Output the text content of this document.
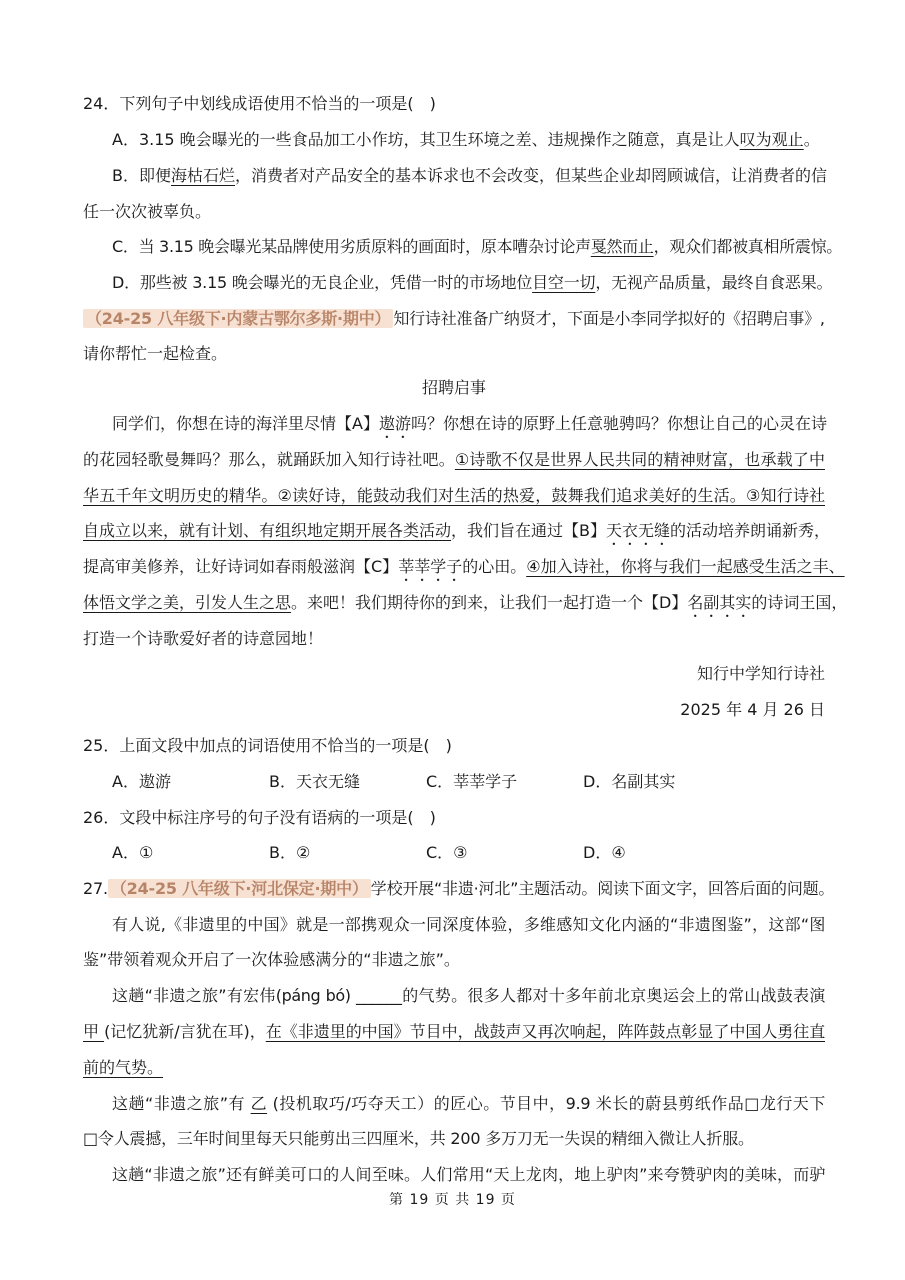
24．下列句子中划线成语使用不恰当的一项是(　)

A．3.15 晚会曝光的一些食品加工小作坊，其卫生环境之差、违规操作之随意，真是让人叹为观止。

B．即便海枯石烂，消费者对产品安全的基本诉求也不会改变，但某些企业却罔顾诚信，让消费者的信

任一次次被辜负。

C．当 3.15 晚会曝光某品牌使用劣质原料的画面时，原本嘈杂讨论声戛然而止，观众们都被真相所震惊。

D．那些被 3.15 晚会曝光的无良企业，凭借一时的市场地位目空一切，无视产品质量，最终自食恶果。

（24-25 八年级下·内蒙古鄂尔多斯·期中） 知行诗社准备广纳贤才，下面是小李同学拟好的《招聘启事》,

请你帮忙一起检查。

招聘启事

同学们，你想在诗的海洋里尽情【A】遨游吗？你想在诗的原野上任意驰骋吗？你想让自己的心灵在诗

的花园轻歌曼舞吗？那么，就踊跃加入知行诗社吧。①诗歌不仅是世界人民共同的精神财富，也承载了中

华五千年文明历史的精华。②读好诗，能鼓动我们对生活的热爱，鼓舞我们追求美好的生活。③知行诗社

自成立以来，就有计划、有组织地定期开展各类活动，我们旨在通过【B】天衣无缝的活动培养朗诵新秀，

提高审美修养，让好诗词如春雨般滋润【C】莘莘学子的心田。④加入诗社，你将与我们一起感受生活之丰、

体悟文学之美，引发人生之思。来吧！我们期待你的到来，让我们一起打造一个【D】名副其实的诗词王国，

打造一个诗歌爱好者的诗意园地！

知行中学知行诗社

2025 年 4 月 26 日

25．上面文段中加点的词语使用不恰当的一项是(　)

A．遨游	B．天衣无缝	C．莘莘学子	D．名副其实

26．文段中标注序号的句子没有语病的一项是(　)

A．①	B．②	C．③	D．④

27. （24-25 八年级下·河北保定·期中） 学校开展“非遗·河北”主题活动。阅读下面文字，回答后面的问题。

有人说,《非遗里的中国》就是一部携观众一同深度体验，多维感知文化内涵的“非遗图鉴”，这部“图

鉴”带领着观众开启了一次体验感满分的“非遗之旅”。

这趟“非遗之旅”有宏伟(páng bó) ______的气势。很多人都对十多年前北京奥运会上的常山战鼓表演

甲 (记忆犹新/言犹在耳)，在《非遗里的中国》节目中，战鼓声又再次响起，阵阵鼓点彰显了中国人勇往直

前的气势。

这趟“非遗之旅”有 乙 (投机取巧/巧夺天工）的匠心。节目中，9.9 米长的蔚县剪纸作品□龙行天下

□令人震撼，三年时间里每天只能剪出三四厘米，共 200 多万刀无一失误的精细入微让人折服。

这趟“非遗之旅”还有鲜美可口的人间至味。人们常用“天上龙肉，地上驴肉”来夸赞驴肉的美味，而驴

第 19 页 共 19 页
